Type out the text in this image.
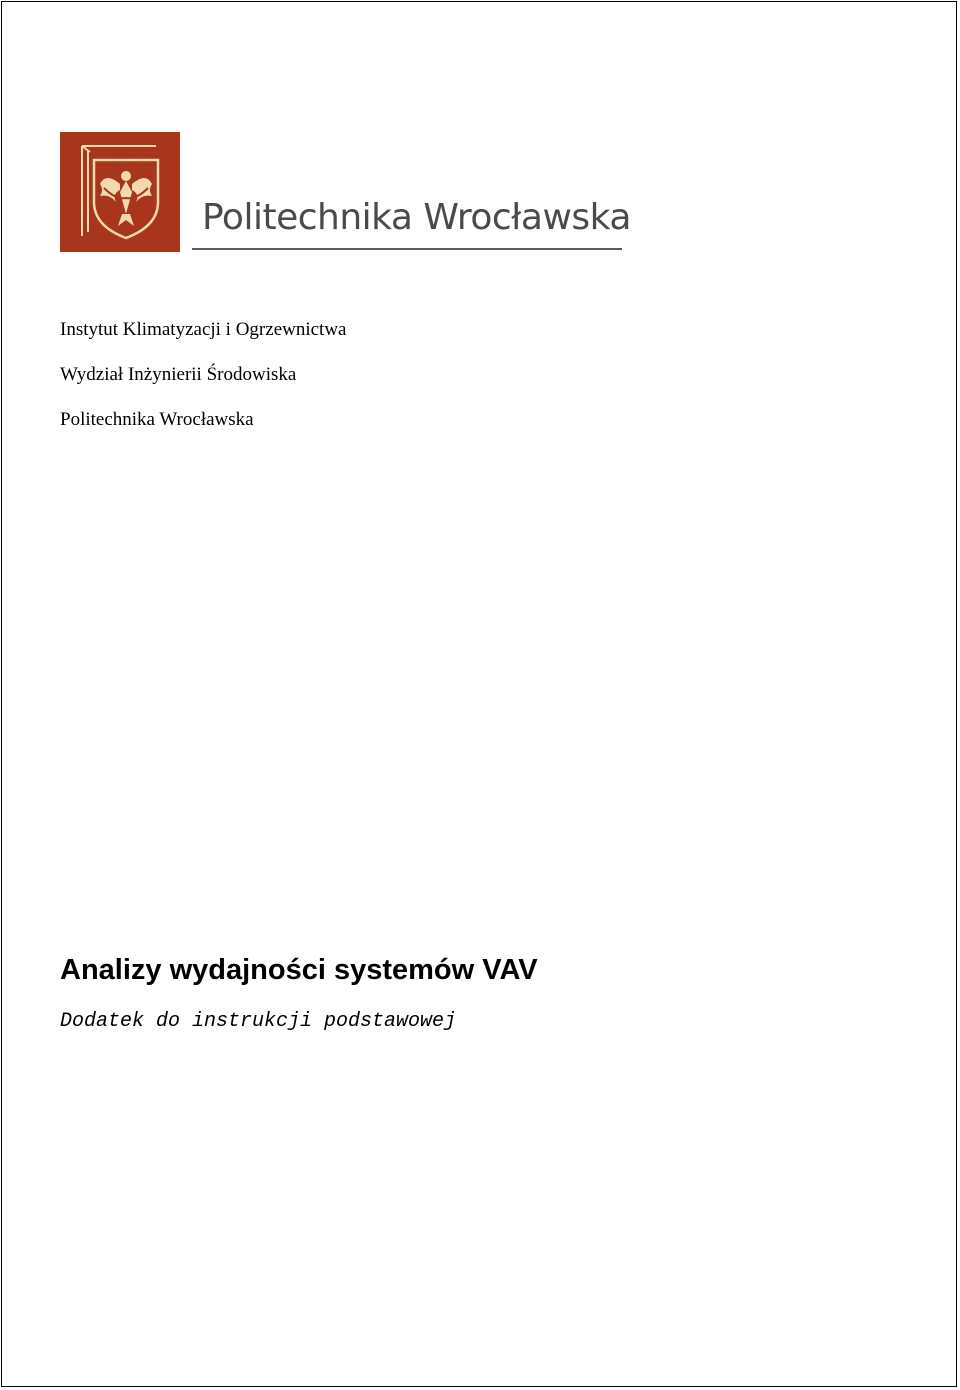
Politechnika Wrocławska
Instytut Klimatyzacji i Ogrzewnictwa
Wydział Inżynierii Środowiska
Politechnika Wrocławska
Analizy wydajności systemów VAV

Dodatek do instrukcji podstawowej
